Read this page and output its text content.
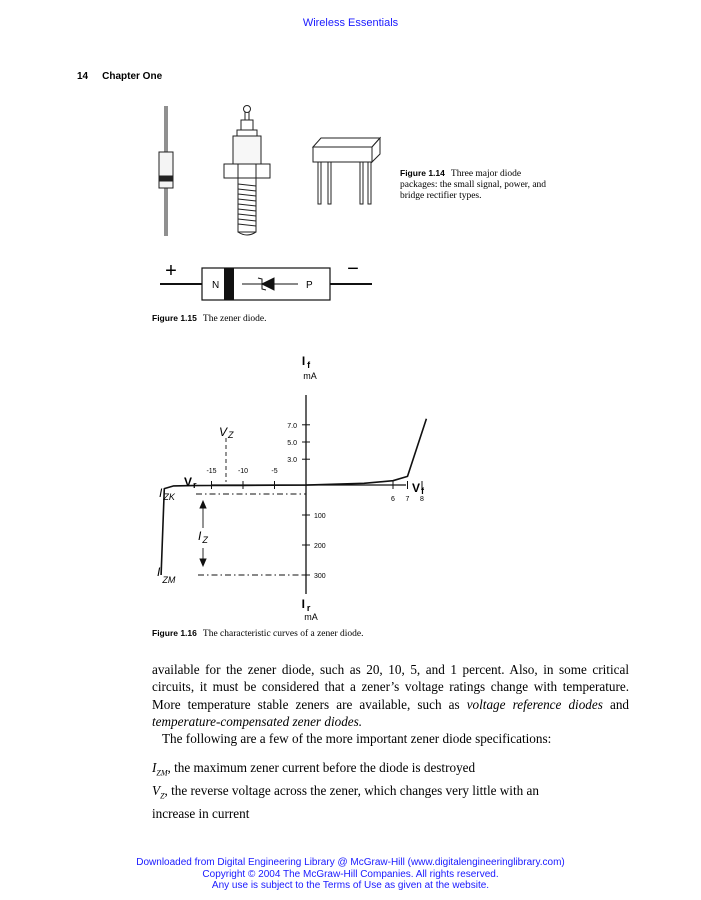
Wireless Essentials
14 Chapter One
Figure 1.14 Three major diode packages: the small signal, power, and bridge rectifier types.
+	−
N	P
Figure 1.15 The zener diode.
7.0
5.0
3.0
100
200
300
-15	-10	-5
6 7 8
I $_f$
mA
I $_r$
mA
Vf
Vr
VZ
$I_{ZK}$
$I_Z$
$I_{ZM}$
Figure 1.16 The characteristic curves of a zener diode.

available for the zener diode, such as 20, 10, 5, and 1 percent. Also, in some critical circuits, it must be considered that a zener’s voltage ratings change with temperature. More temperature stable zeners are available, such as voltage reference diodes and temperature-compensated zener diodes.

The following are a few of the more important zener diode specifications:

$I_{ZM}$, the maximum zener current before the diode is destroyed

$V_Z$, the reverse voltage across the zener, which changes very little with an

increase in current

Downloaded from Digital Engineering Library @ McGraw-Hill (www.digitalengineeringlibrary.com)
Copyright © 2004 The McGraw-Hill Companies. All rights reserved.
Any use is subject to the Terms of Use as given at the website.
